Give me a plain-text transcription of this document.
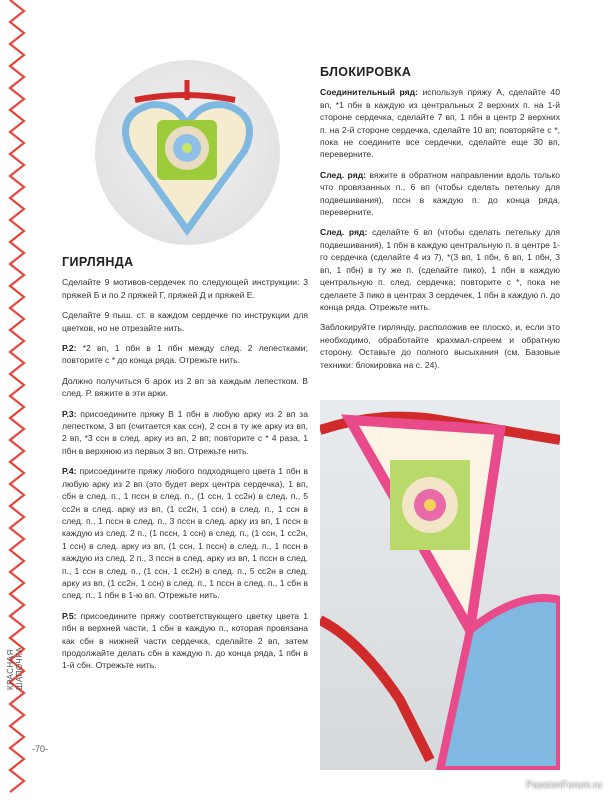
КРАСНАЯ ШАПОЧКА
-70-
ГИРЛЯНДА

Сделайте 9 мотивов-сердечек по следующей инструкции: 3 пряжей Б и по 2 пряжей Г, пряжей Д и пряжей Е.

Сделайте 9 пыш. ст. в каждом сердечке по инструкции для цветков, но не отрезайте нить.

Р.2: *2 вп, 1 пбн в 1 пбн между след. 2 лепестками; повторите с * до конца ряда. Отрежьте нить.

Должно получиться 6 арок из 2 вп за каждым лепестком. В след. Р. вяжите в эти арки.

Р.3: присоедините пряжу В 1 пбн в любую арку из 2 вп за лепестком, 3 вп (считается как ссн), 2 ссн в ту же арку из вп, 2 вп, *3 ссн в след. арку из вп, 2 вп; повторите с * 4 раза, 1 пбн в верхнюю из первых 3 вп. Отрежьте нить.

Р.4: присоедините пряжу любого подходящего цвета 1 пбн в любую арку из 2 вп (это будет верх центра сердечка), 1 вп, сбн в след. п., 1 пссн в след. п., (1 ссн, 1 сс2н) в след. п., 5 сс2н в след. арку из вп, (1 сс2н, 1 ссн) в след. п., 1 ссн в след. п., 1 пссн в след. п., 3 пссн в след. арку из вп, 1 пссн в каждую из след. 2 п., (1 пссн, 1 ссн) в след. п., (1 ссн, 1 сс2н, 1 ссн) в след. арку из вп, (1 ссн, 1 пссн) в след. п., 1 пссн в каждую из след. 2 п., 3 пссн в след. арку из вп, 1 пссн в след. п., 1 ссн в след. п., (1 ссн, 1 сс2н) в след. п., 5 сс2н в след. арку из вп, (1 сс2н, 1 ссн) в след. п., 1 пссн в след. п., 1 сбн в след. п., 1 пбн в 1-ю вп. Отрежьте нить.

Р.5: присоедините пряжу соответствующего цветку цвета 1 пбн в верхней части, 1 сбн в каждую п., которая провязана как сбн в нижней части сердечка, сделайте 2 вп, затем продолжайте делать сбн в каждую п. до конца ряда, 1 пбн в 1-й сбн. Отрежьте нить.

БЛОКИРОВКА

Соединительный ряд: используя пряжу А, сделайте 40 вп, *1 пбн в каждую из центральных 2 верхних п. на 1-й стороне сердечка, сделайте 7 вп, 1 пбн в центр 2 верхних п. на 2-й стороне сердечка, сделайте 10 вп; повторяйте с *, пока не соедините все сердечки, сделайте еще 30 вп, переверните.

След. ряд: вяжите в обратном направлении вдоль только что провязанных п., 6 вп (чтобы сделать петельку для подвешивания), пссн в каждую п. до конца ряда, переверните.

След. ряд: сделайте 6 вп (чтобы сделать петельку для подвешивания), 1 пбн в каждую центральную п. в центре 1-го сердечка (сделайте 4 из 7), *(3 вп, 1 пбн, 6 вп, 1 пбн, 3 вп, 1 пбн) в ту же п. (сделайте пико), 1 пбн в каждую центральную п. след. сердечка; повторите с *, пока не сделаете 3 пико в центрах 3 сердечек, 1 пбн в каждую п. до конца ряда. Отрежьте нить.

Заблокируйте гирлянду, расположив ее плоско, и, если это необходимо, обработайте крахмал-спреем и обратную сторону. Оставьте до полного высыхания (см. Базовые техники: блокировка на с. 24).

PassionForum.ru
